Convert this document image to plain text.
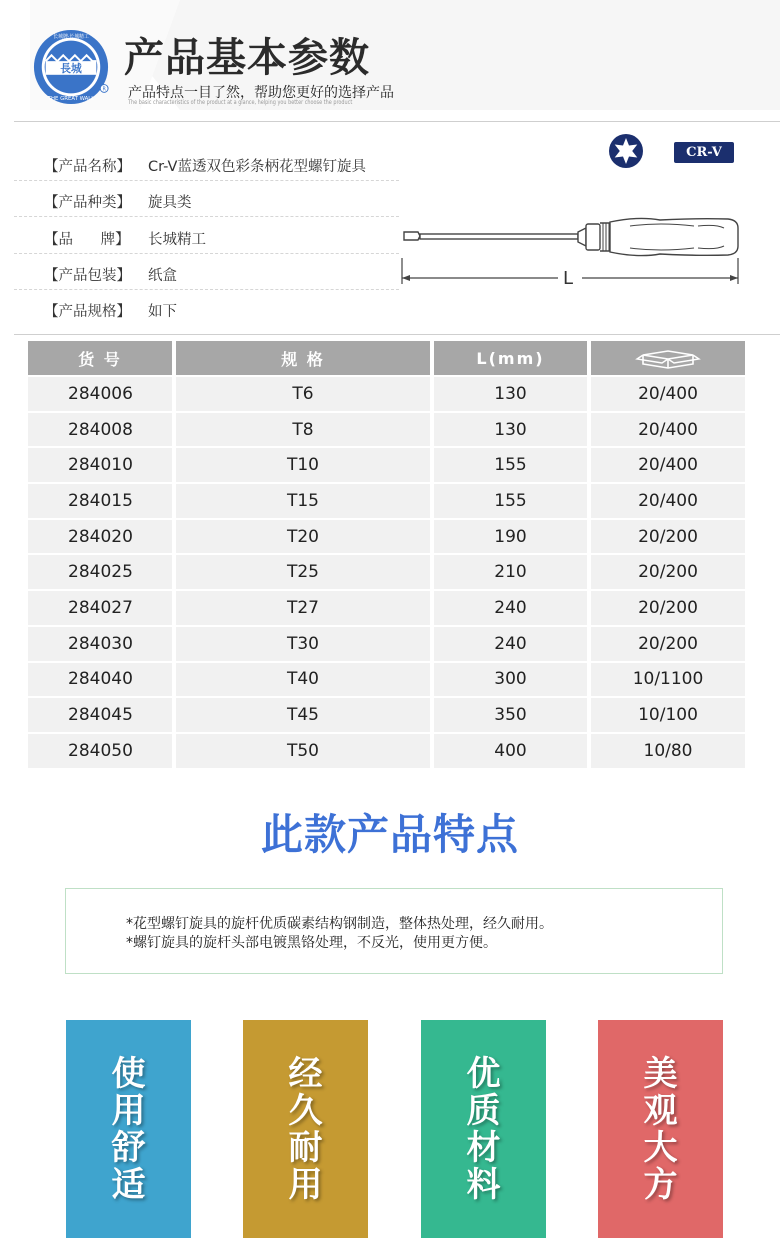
長城
长城牌·长城精工
THE GREAT WALL
R
产品基本参数
产品特点一目了然，帮助您更好的选择产品
The basic characteristics of the product at a glance, helping you better choose the product
【产品名称】 Cr-V蓝透双色彩条柄花型螺钉旋具
【产品种类】 旋具类
【品      牌】 长城精工
【产品包装】 纸盒
【产品规格】 如下
CR-V
L
货 号	规 格	L(mm)	

284006	T6	130	20/400
284008	T8	130	20/400
284010	T10	155	20/400
284015	T15	155	20/400
284020	T20	190	20/200
284025	T25	210	20/200
284027	T27	240	20/200
284030	T30	240	20/200
284040	T40	300	10/1100
284045	T45	350	10/100
284050	T50	400	10/80
此款产品特点
*花型螺钉旋具的旋杆优质碳素结构钢制造，整体热处理，经久耐用。
*螺钉旋具的旋杆头部电镀黑铬处理，不反光，使用更方便。
使
用
舒
适
经
久
耐
用
优
质
材
料
美
观
大
方
